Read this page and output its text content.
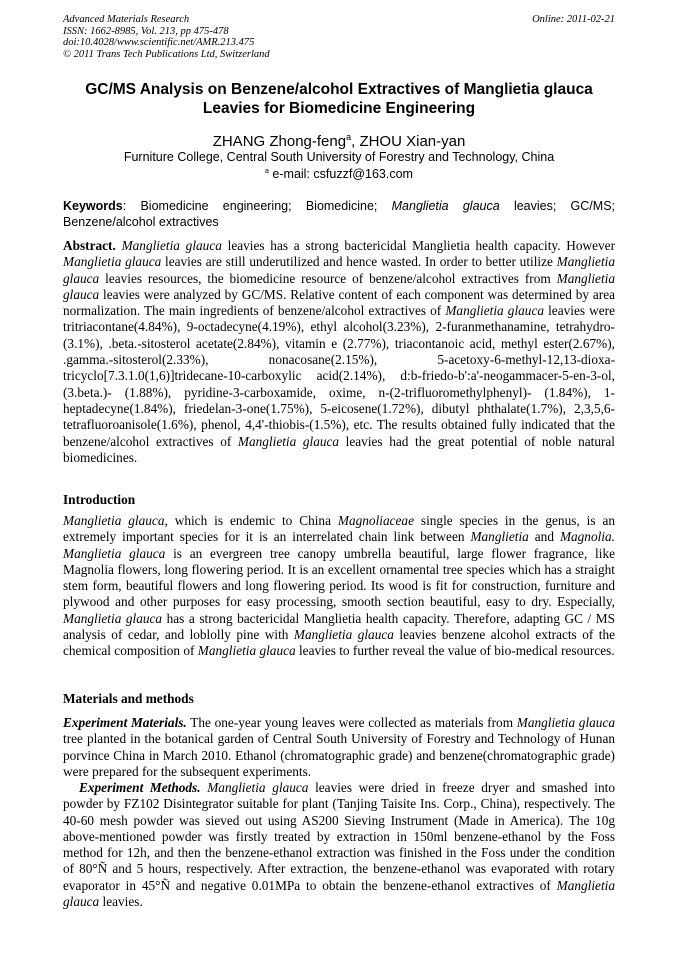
Advanced Materials Research
ISSN: 1662-8985, Vol. 213, pp 475-478
doi:10.4028/www.scientific.net/AMR.213.475
© 2011 Trans Tech Publications Ltd, Switzerland
Online: 2011-02-21
GC/MS Analysis on Benzene/alcohol Extractives of Manglietia glauca Leavies for Biomedicine Engineering
ZHANG Zhong-feng$^a$, ZHOU Xian-yan
Furniture College, Central South University of Forestry and Technology, China
$^a$ e-mail: csfuzzf@163.com
Keywords: Biomedicine engineering; Biomedicine; Manglietia glauca leavies; GC/MS; Benzene/alcohol extractives
Abstract. Manglietia glauca leavies has a strong bactericidal Manglietia health capacity. However Manglietia glauca leavies are still underutilized and hence wasted. In order to better utilize Manglietia glauca leavies resources, the biomedicine resource of benzene/alcohol extractives from Manglietia glauca leavies were analyzed by GC/MS. Relative content of each component was determined by area normalization. The main ingredients of benzene/alcohol extractives of Manglietia glauca leavies were tritriacontane(4.84%), 9-octadecyne(4.19%), ethyl alcohol(3.23%), 2-furanmethanamine, tetrahydro-(3.1%), .beta.-sitosterol acetate(2.84%), vitamin e (2.77%), triacontanoic acid, methyl ester(2.67%), .gamma.-sitosterol(2.33%), nonacosane(2.15%), 5-acetoxy-6-methyl-12,13-dioxa-tricyclo[7.3.1.0(1,6)]tridecane-10-carboxylic acid(2.14%), d:b-friedo-b':a'-neogammacer-5-en-3-ol, (3.beta.)- (1.88%), pyridine-3-carboxamide, oxime, n-(2-trifluoromethylphenyl)- (1.84%), 1-heptadecyne(1.84%), friedelan-3-one(1.75%), 5-eicosene(1.72%), dibutyl phthalate(1.7%), 2,3,5,6-tetrafluoroanisole(1.6%), phenol, 4,4'-thiobis-(1.5%), etc. The results obtained fully indicated that the benzene/alcohol extractives of Manglietia glauca leavies had the great potential of noble natural biomedicines.
Introduction
Manglietia glauca, which is endemic to China Magnoliaceae single species in the genus, is an extremely important species for it is an interrelated chain link between Manglietia and Magnolia. Manglietia glauca is an evergreen tree canopy umbrella beautiful, large flower fragrance, like Magnolia flowers, long flowering period. It is an excellent ornamental tree species which has a straight stem form, beautiful flowers and long flowering period. Its wood is fit for construction, furniture and plywood and other purposes for easy processing, smooth section beautiful, easy to dry. Especially, Manglietia glauca has a strong bactericidal Manglietia health capacity. Therefore, adapting GC / MS analysis of cedar, and loblolly pine with Manglietia glauca leavies benzene alcohol extracts of the chemical composition of Manglietia glauca leavies to further reveal the value of bio-medical resources.
Materials and methods
Experiment Materials. The one-year young leaves were collected as materials from Manglietia glauca tree planted in the botanical garden of Central South University of Forestry and Technology of Hunan porvince China in March 2010. Ethanol (chromatographic grade) and benzene(chromatographic grade) were prepared for the subsequent experiments.
Experiment Methods. Manglietia glauca leavies were dried in freeze dryer and smashed into powder by FZ102 Disintegrator suitable for plant (Tanjing Taisite Ins. Corp., China), respectively. The 40-60 mesh powder was sieved out using AS200 Sieving Instrument (Made in America). The 10g above-mentioned powder was firstly treated by extraction in 150ml benzene-ethanol by the Foss method for 12h, and then the benzene-ethanol extraction was finished in the Foss under the condition of 80°Ñ and 5 hours, respectively. After extraction, the benzene-ethanol was evaporated with rotary evaporator in 45°Ñ and negative 0.01MPa to obtain the benzene-ethanol extractives of Manglietia glauca leavies.
